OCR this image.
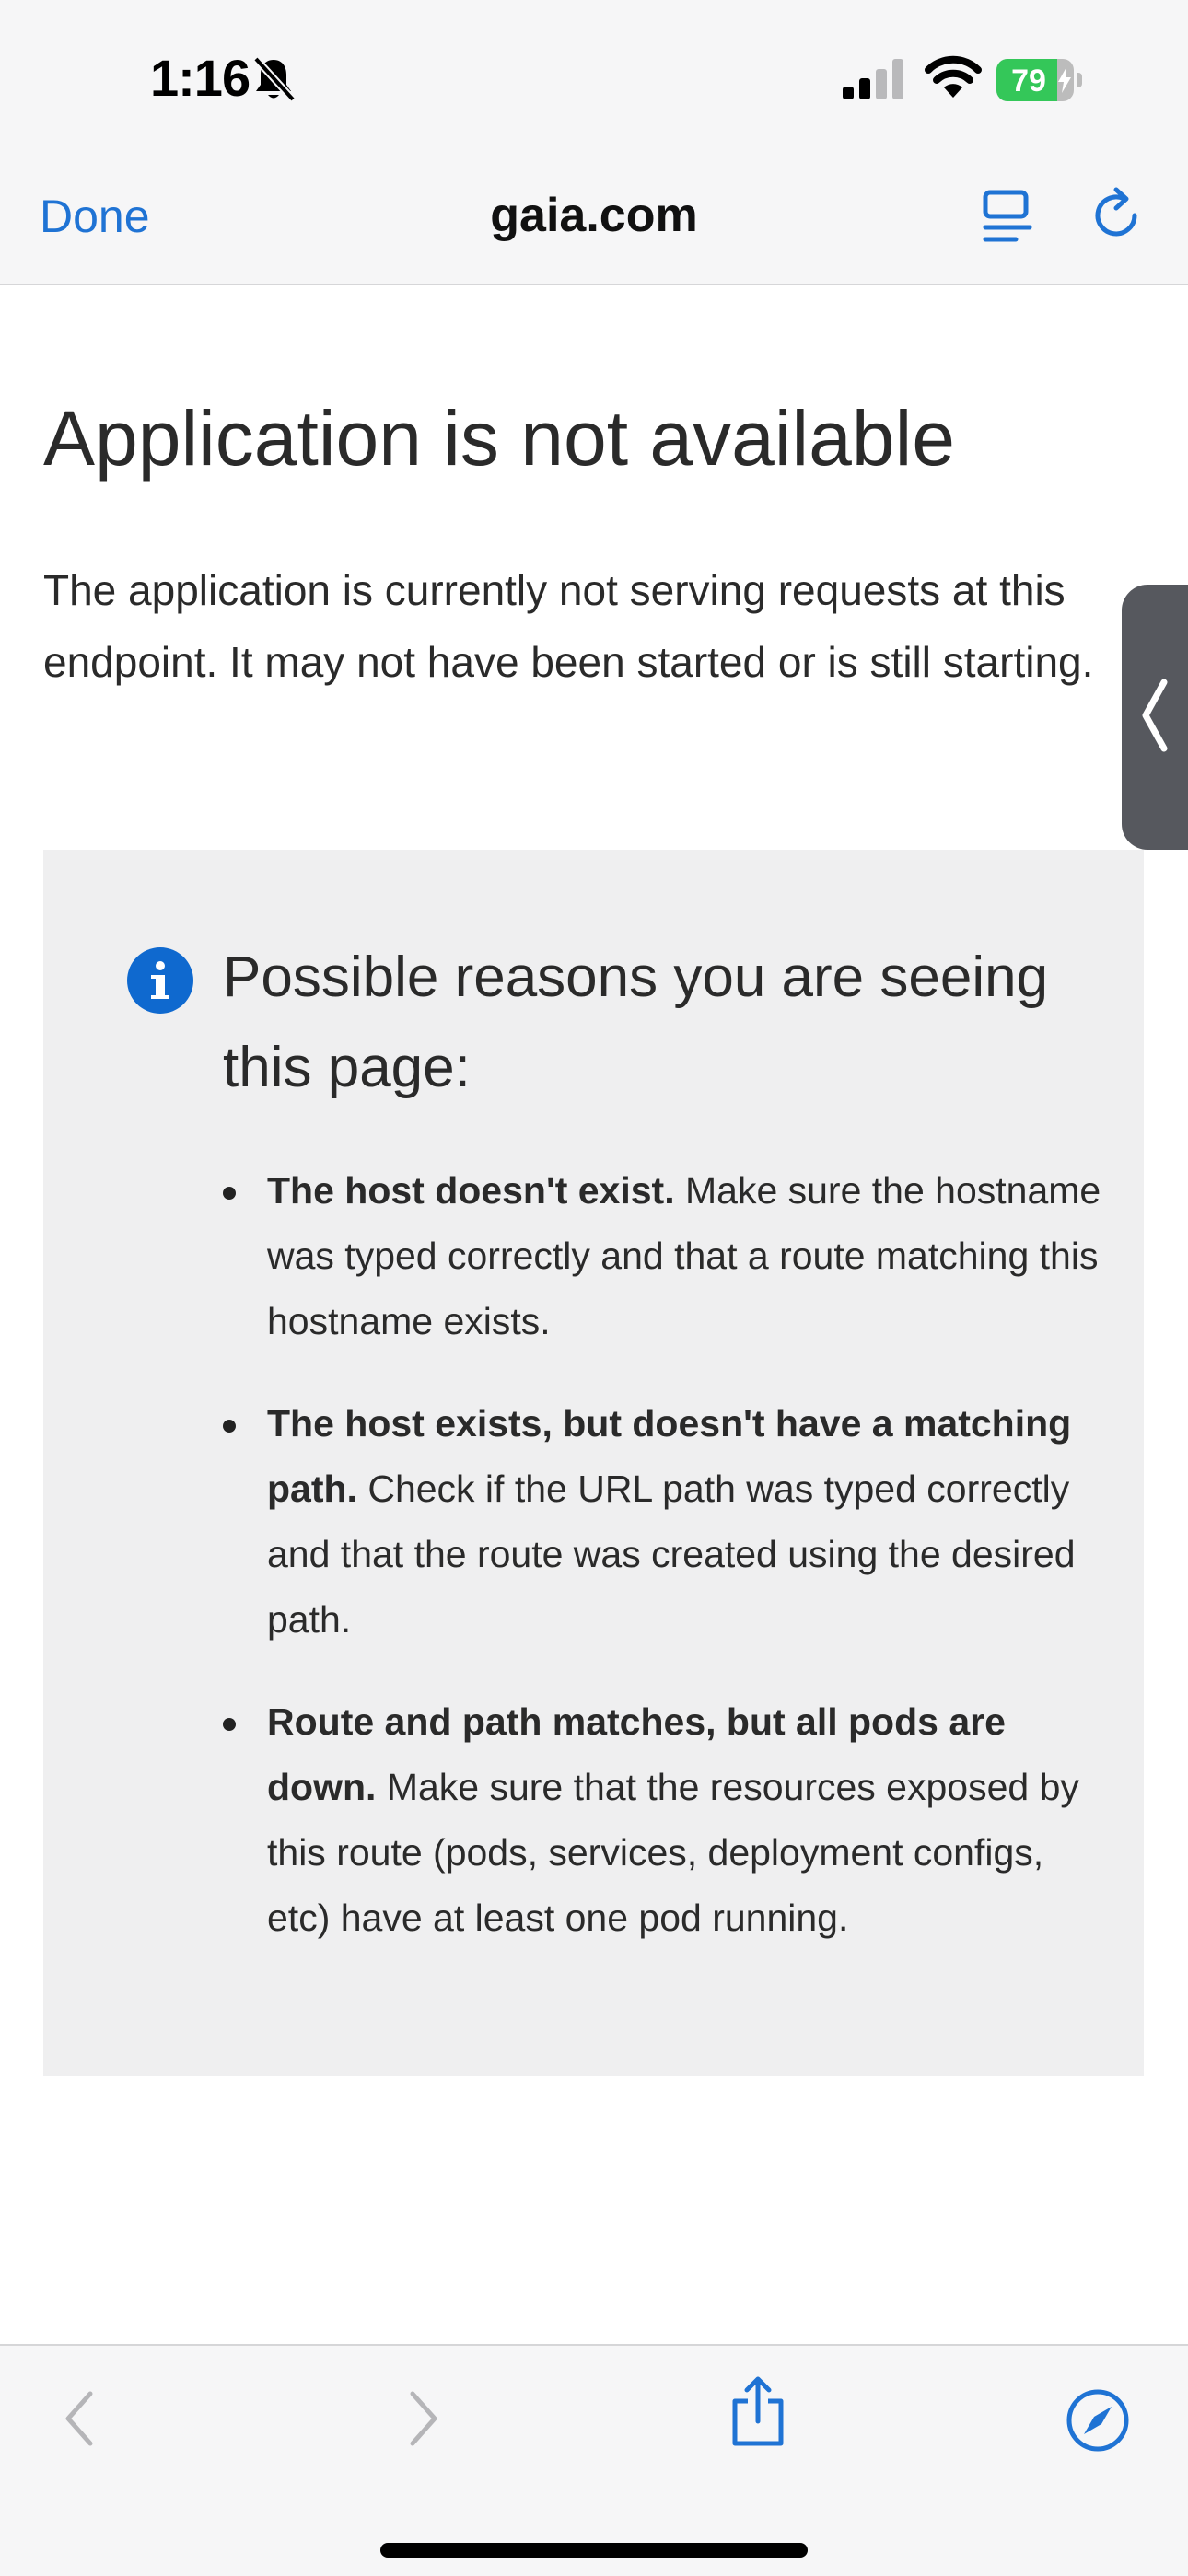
1:16	79
Done	gaia.com
Application is not available

The application is currently not serving requests at this endpoint. It may not have been started or is still starting.

Possible reasons you are seeing this page:
The host doesn't exist. Make sure the hostname was typed correctly and that a route matching this hostname exists.
The host exists, but doesn't have a matching path. Check if the URL path was typed correctly and that the route was created using the desired path.
Route and path matches, but all pods are down. Make sure that the resources exposed by this route (pods, services, deployment configs, etc) have at least one pod running.
